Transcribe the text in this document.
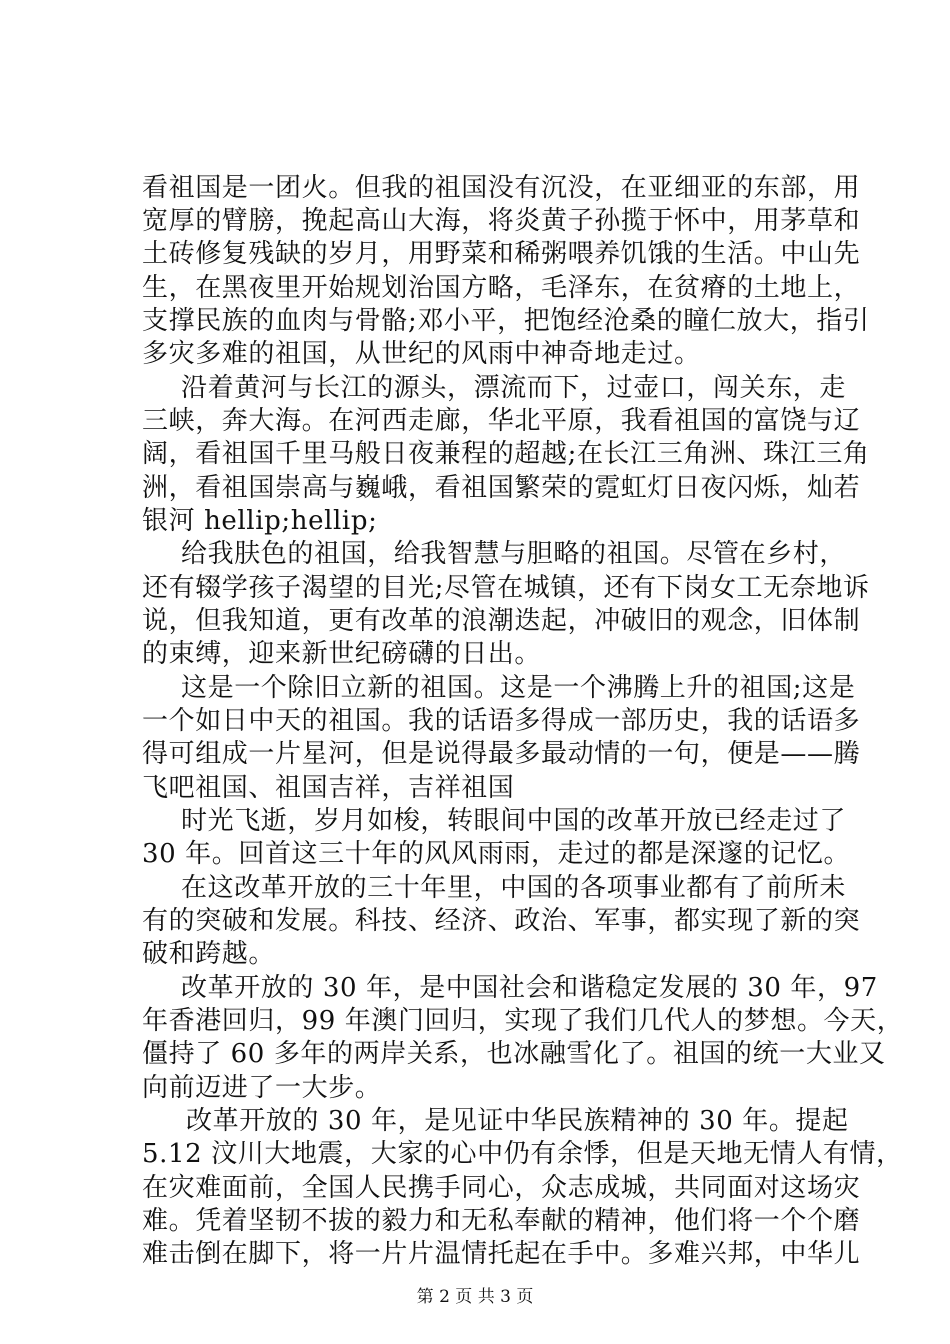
看祖国是一团火。但我的祖国没有沉没，在亚细亚的东部，用
宽厚的臂膀，挽起高山大海，将炎黄子孙揽于怀中，用茅草和
土砖修复残缺的岁月，用野菜和稀粥喂养饥饿的生活。中山先
生，在黑夜里开始规划治国方略，毛泽东，在贫瘠的土地上，
支撑民族的血肉与骨骼;邓小平，把饱经沧桑的瞳仁放大，指引
多灾多难的祖国，从世纪的风雨中神奇地走过。
沿着黄河与长江的源头，漂流而下，过壶口，闯关东，走
三峡，奔大海。在河西走廊，华北平原，我看祖国的富饶与辽
阔，看祖国千里马般日夜兼程的超越;在长江三角洲、珠江三角
洲，看祖国崇高与巍峨，看祖国繁荣的霓虹灯日夜闪烁，灿若
银河 hellip;hellip;
给我肤色的祖国，给我智慧与胆略的祖国。尽管在乡村，
还有辍学孩子渴望的目光;尽管在城镇，还有下岗女工无奈地诉
说，但我知道，更有改革的浪潮迭起，冲破旧的观念，旧体制
的束缚，迎来新世纪磅礴的日出。
这是一个除旧立新的祖国。这是一个沸腾上升的祖国;这是
一个如日中天的祖国。我的话语多得成一部历史，我的话语多
得可组成一片星河，但是说得最多最动情的一句，便是——腾
飞吧祖国、祖国吉祥，吉祥祖国
时光飞逝，岁月如梭，转眼间中国的改革开放已经走过了
30 年。回首这三十年的风风雨雨，走过的都是深邃的记忆。
在这改革开放的三十年里，中国的各项事业都有了前所未
有的突破和发展。科技、经济、政治、军事，都实现了新的突
破和跨越。
改革开放的 30 年，是中国社会和谐稳定发展的 30 年，97
年香港回归，99 年澳门回归，实现了我们几代人的梦想。今天，
僵持了 60 多年的两岸关系，也冰融雪化了。祖国的统一大业又
向前迈进了一大步。
改革开放的 30 年，是见证中华民族精神的 30 年。提起
5.12 汶川大地震，大家的心中仍有余悸，但是天地无情人有情，
在灾难面前，全国人民携手同心，众志成城，共同面对这场灾
难。凭着坚韧不拔的毅力和无私奉献的精神，他们将一个个磨
难击倒在脚下，将一片片温情托起在手中。多难兴邦，中华儿
第 2 页 共 3 页
